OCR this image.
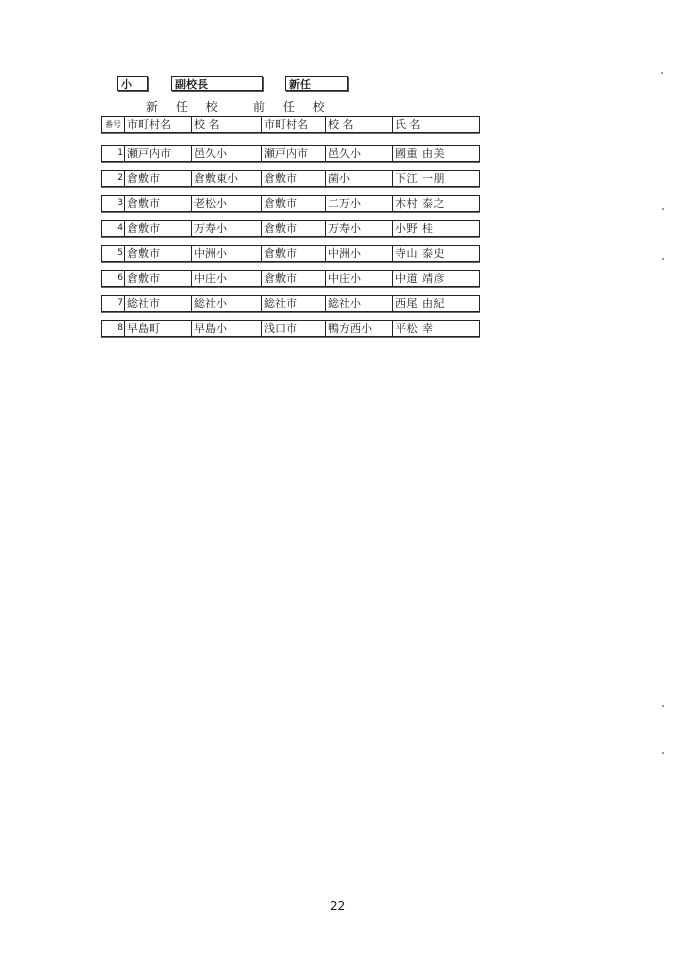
小	副校長	新任
新 任 校 前 任 校
番号 市町村名	校 名	市町村名	校 名	氏 名
1 瀬戸内市	邑久小	瀬戸内市	邑久小	國重 由美
2 倉敷市	倉敷東小	倉敷市	菌小	下江 一朋
3 倉敷市	老松小	倉敷市	二万小	木村 泰之
4 倉敷市	万寿小	倉敷市	万寿小	小野 桂
5 倉敷市	中洲小	倉敷市	中洲小	寺山 泰史
6 倉敷市	中庄小	倉敷市	中庄小	中道 靖彦
7 総社市	総社小	総社市	総社小	西尾 由紀
8 早島町	早島小	浅口市	鴨方西小	平松 幸
22
